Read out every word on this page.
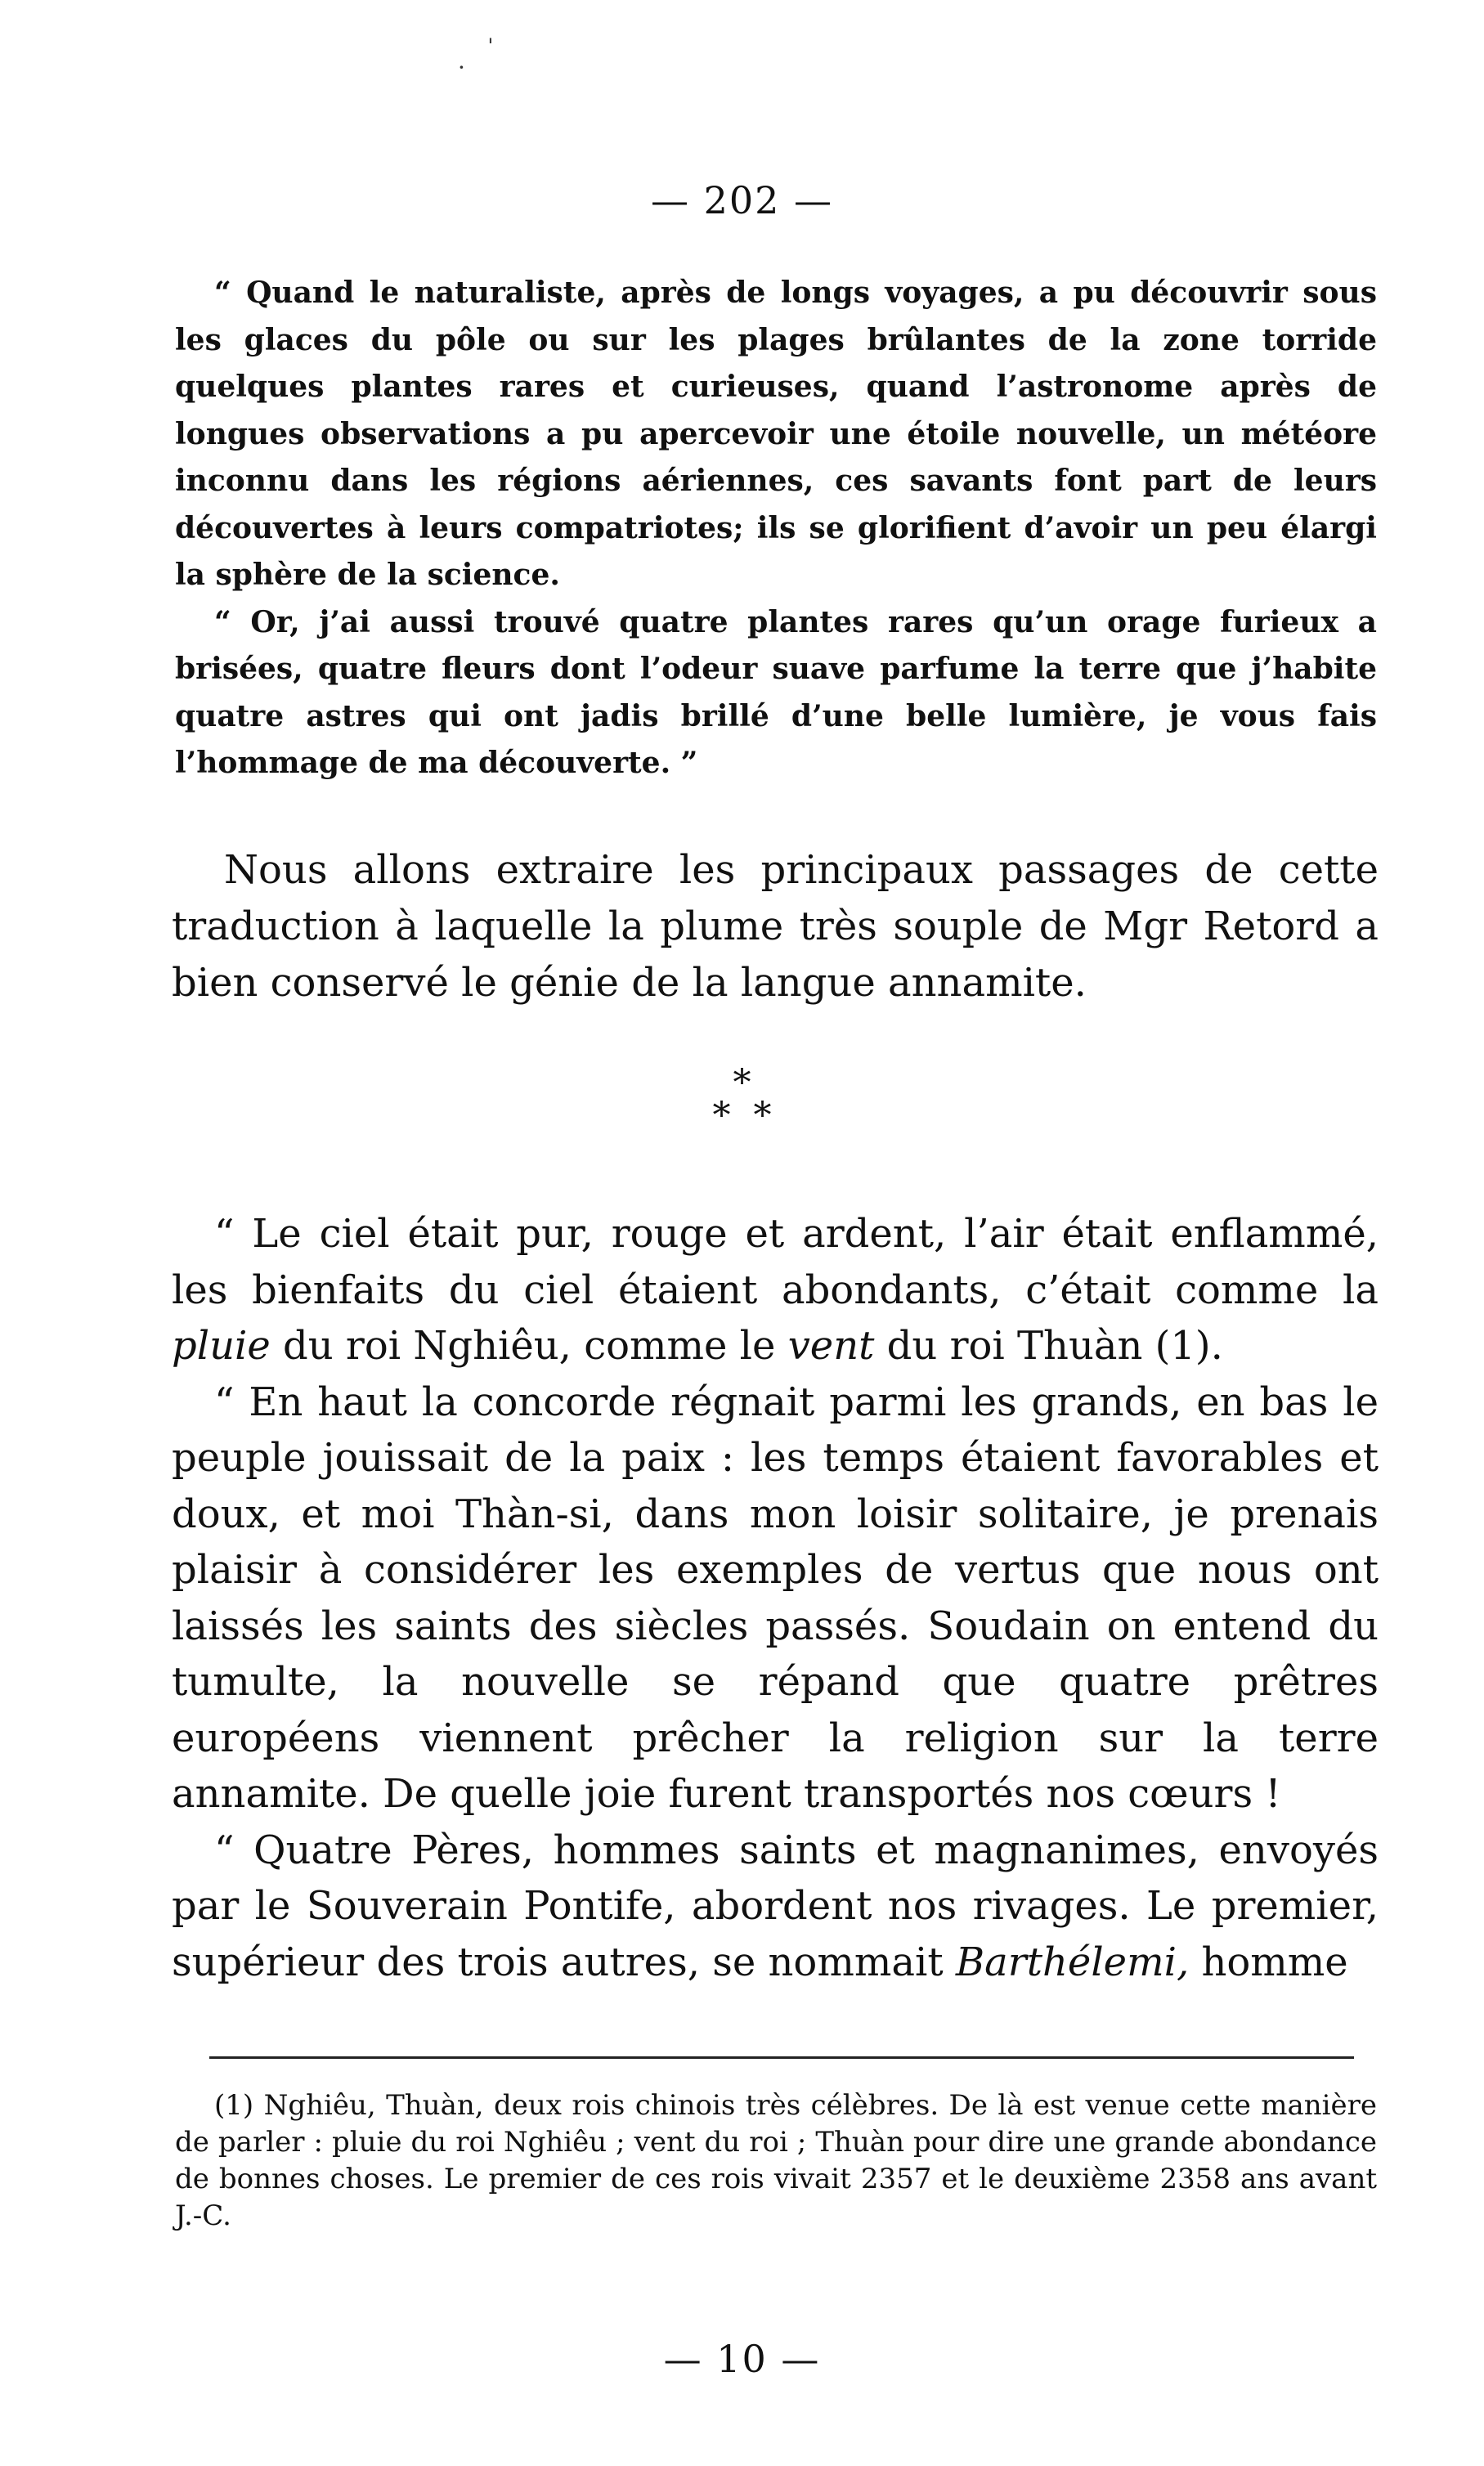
ˈ
·
— 202 —

“ Quand le naturaliste, après de longs voyages, a pu découvrir sous les glaces du pôle ou sur les plages brûlantes de la zone torride quelques plantes rares et curieuses, quand l’astronome après de longues observations a pu apercevoir une étoile nouvelle, un météore inconnu dans les régions aériennes, ces savants font part de leurs découvertes à leurs compatriotes; ils se glorifient d’avoir un peu élargi la sphère de la science.

“ Or, j’ai aussi trouvé quatre plantes rares qu’un orage furieux a brisées, quatre fleurs dont l’odeur suave parfume la terre que j’habite quatre astres qui ont jadis brillé d’une belle lumière, je vous fais l’hommage de ma découverte. ”

Nous allons extraire les principaux passages de cette traduction à laquelle la plume très souple de Mgr Retord a bien conservé le génie de la langue annamite.

*
**

“ Le ciel était pur, rouge et ardent, l’air était enflammé, les bienfaits du ciel étaient abondants, c’était comme la pluie du roi Nghiêu, comme le vent du roi Thuàn (1).

“ En haut la concorde régnait parmi les grands, en bas le peuple jouissait de la paix : les temps étaient favorables et doux, et moi Thàn-si, dans mon loisir solitaire, je prenais plaisir à considérer les exemples de vertus que nous ont laissés les saints des siècles passés. Soudain on entend du tumulte, la nouvelle se répand que quatre prêtres européens viennent prêcher la religion sur la terre annamite. De quelle joie furent transportés nos cœurs !

“ Quatre Pères, hommes saints et magnanimes, envoyés par le Souverain Pontife, abordent nos rivages. Le premier, supérieur des trois autres, se nommait Barthélemi, homme

(1) Nghiêu, Thuàn, deux rois chinois très célèbres. De là est venue cette manière de parler : pluie du roi Nghiêu ; vent du roi ; Thuàn pour dire une grande abondance de bonnes choses. Le premier de ces rois vivait 2357 et le deuxième 2358 ans avant J.-C.

— 10 —
